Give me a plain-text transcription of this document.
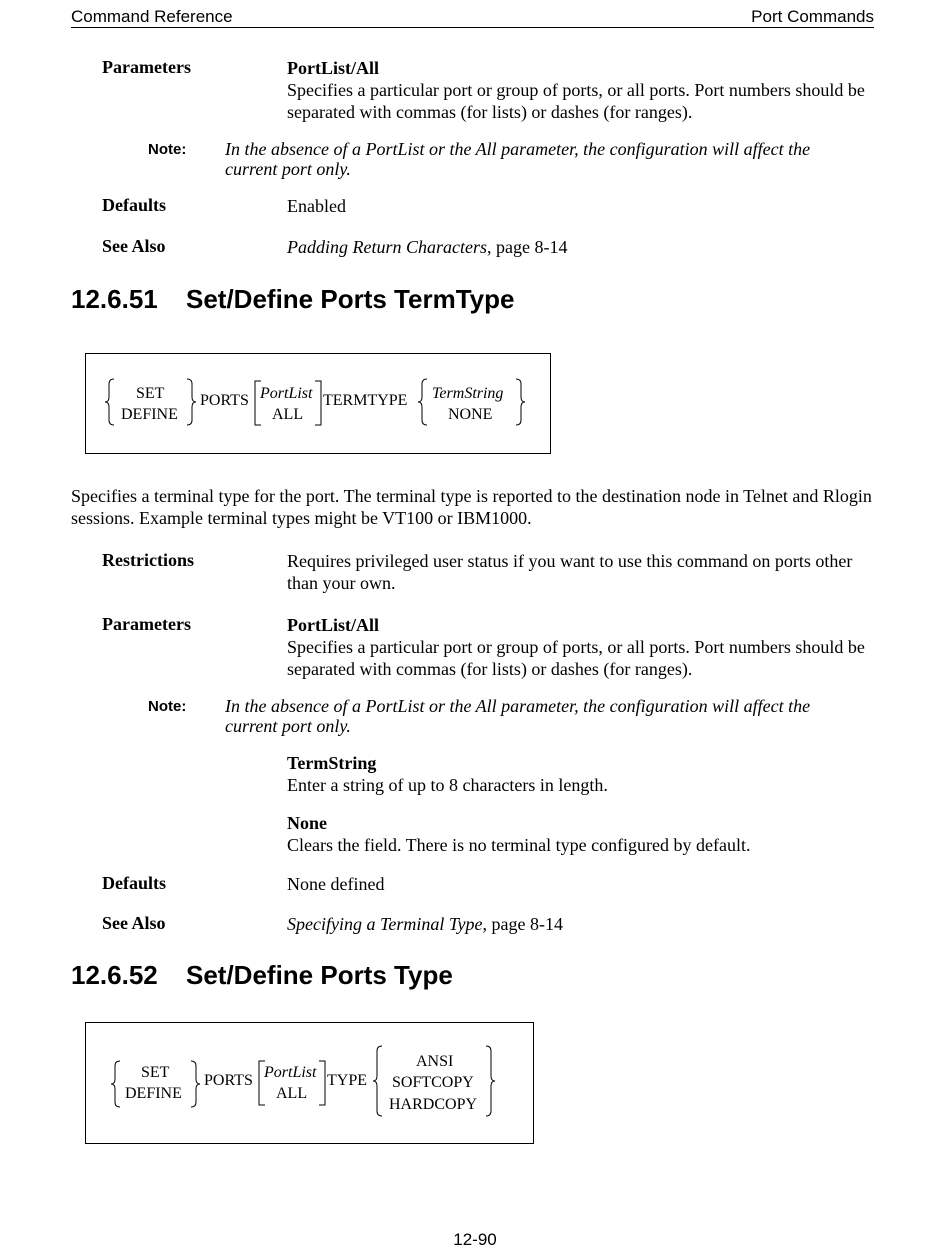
Command Reference	Port Commands
Parameters	PortList/All
Specifies a particular port or group of ports, or all ports. Port numbers should be separated with commas (for lists) or dashes (for ranges).
Note: In the absence of a PortList or the All parameter, the configuration will affect the current port only.
Defaults	Enabled
See Also	Padding Return Characters, page 8-14
12.6.51 Set/Define Ports TermType
SET
DEFINE
PORTS PortList
ALL
TERMTYPE TermString
NONE
Specifies a terminal type for the port. The terminal type is reported to the destination node in Telnet and Rlogin sessions. Example terminal types might be VT100 or IBM1000.
Restrictions	Requires privileged user status if you want to use this command on ports other than your own.
Parameters	PortList/All
Specifies a particular port or group of ports, or all ports. Port numbers should be separated with commas (for lists) or dashes (for ranges).
Note: In the absence of a PortList or the All parameter, the configuration will affect the current port only.
TermString
Enter a string of up to 8 characters in length.
None
Clears the field. There is no terminal type configured by default.
Defaults	None defined
See Also	Specifying a Terminal Type, page 8-14
12.6.52 Set/Define Ports Type
SET
DEFINE
PORTS PortList
ALL
TYPE
ANSI
SOFTCOPY
HARDCOPY
12-90
